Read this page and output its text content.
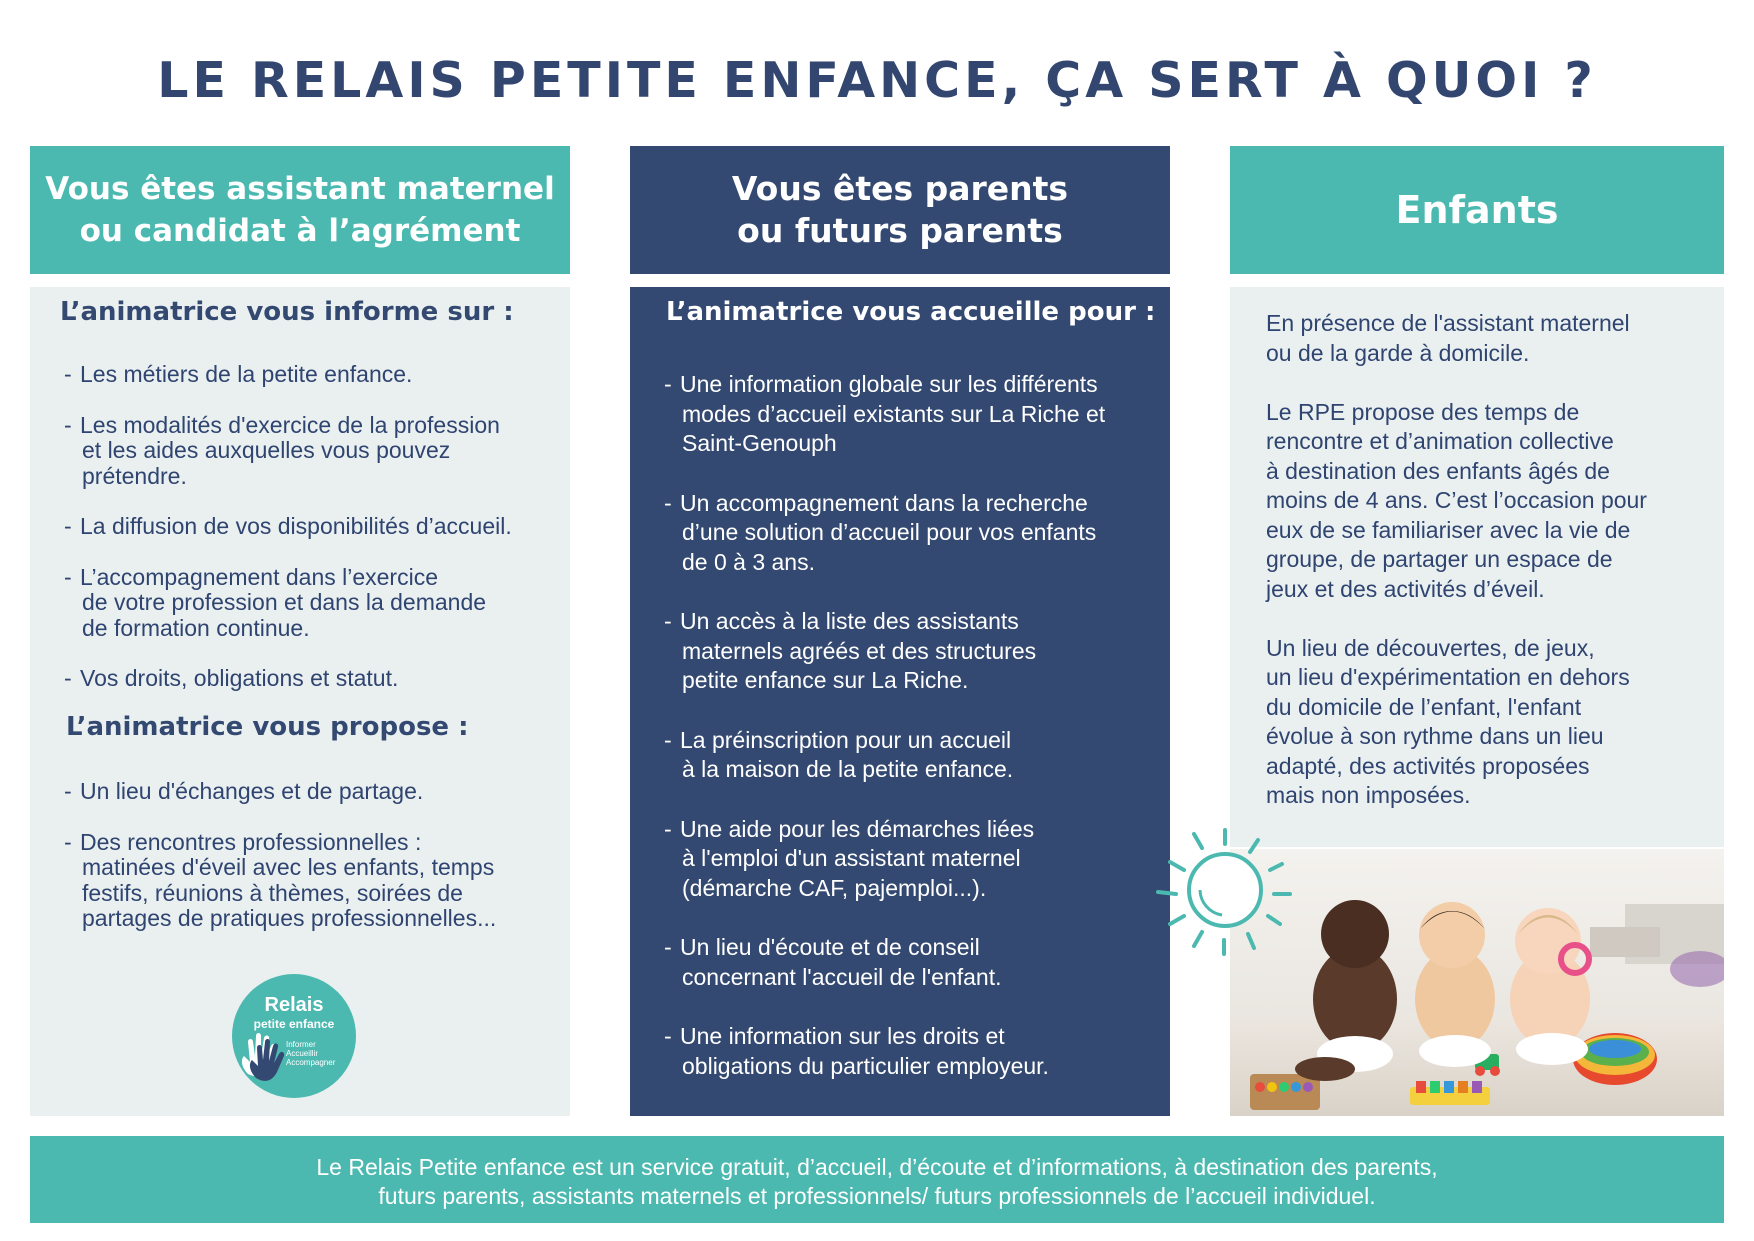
LE RELAIS PETITE ENFANCE, ÇA SERT À QUOI ?
Vous êtes assistant maternel
ou candidat à l’agrément
L’animatrice vous informe sur :
- Les métiers de la petite enfance.
- Les modalités d'exercice de la profession
et les aides auxquelles vous pouvez
prétendre.
- La diffusion de vos disponibilités d’accueil.
- L’accompagnement dans l’exercice
de votre profession et dans la demande
de formation continue.
- Vos droits, obligations et statut.
L’animatrice vous propose :
- Un lieu d'échanges et de partage.
- Des rencontres professionnelles :
matinées d'éveil avec les enfants, temps
festifs, réunions à thèmes, soirées de
partages de pratiques professionnelles...
Relais
petite enfance
Informer
Accueillir
Accompagner
Vous êtes parents
ou futurs parents
L’animatrice vous accueille pour :
- Une information globale sur les différents
modes d’accueil existants sur La Riche et
Saint-Genouph
- Un accompagnement dans la recherche
d’une solution d’accueil pour vos enfants
de 0 à 3 ans.
- Un accès à la liste des assistants
maternels agréés et des structures
petite enfance sur La Riche.
- La préinscription pour un accueil
à la maison de la petite enfance.
- Une aide pour les démarches liées
à l'emploi d'un assistant maternel
(démarche CAF, pajemploi...).
- Un lieu d'écoute et de conseil
concernant l'accueil de l'enfant.
- Une information sur les droits et
obligations du particulier employeur.
Enfants

En présence de l'assistant maternel
ou de la garde à domicile.

Le RPE propose des temps de
rencontre et d’animation collective
à destination des enfants âgés de
moins de 4 ans. C’est l’occasion pour
eux de se familiariser avec la vie de
groupe, de partager un espace de
jeux et des activités d’éveil.

Un lieu de découvertes, de jeux,
un lieu d'expérimentation en dehors
du domicile de l’enfant, l'enfant
évolue à son rythme dans un lieu
adapté, des activités proposées
mais non imposées.

Le Relais Petite enfance est un service gratuit, d’accueil, d’écoute et d’informations, à destination des parents,
futurs parents, assistants maternels et professionnels/ futurs professionnels de l’accueil individuel.
